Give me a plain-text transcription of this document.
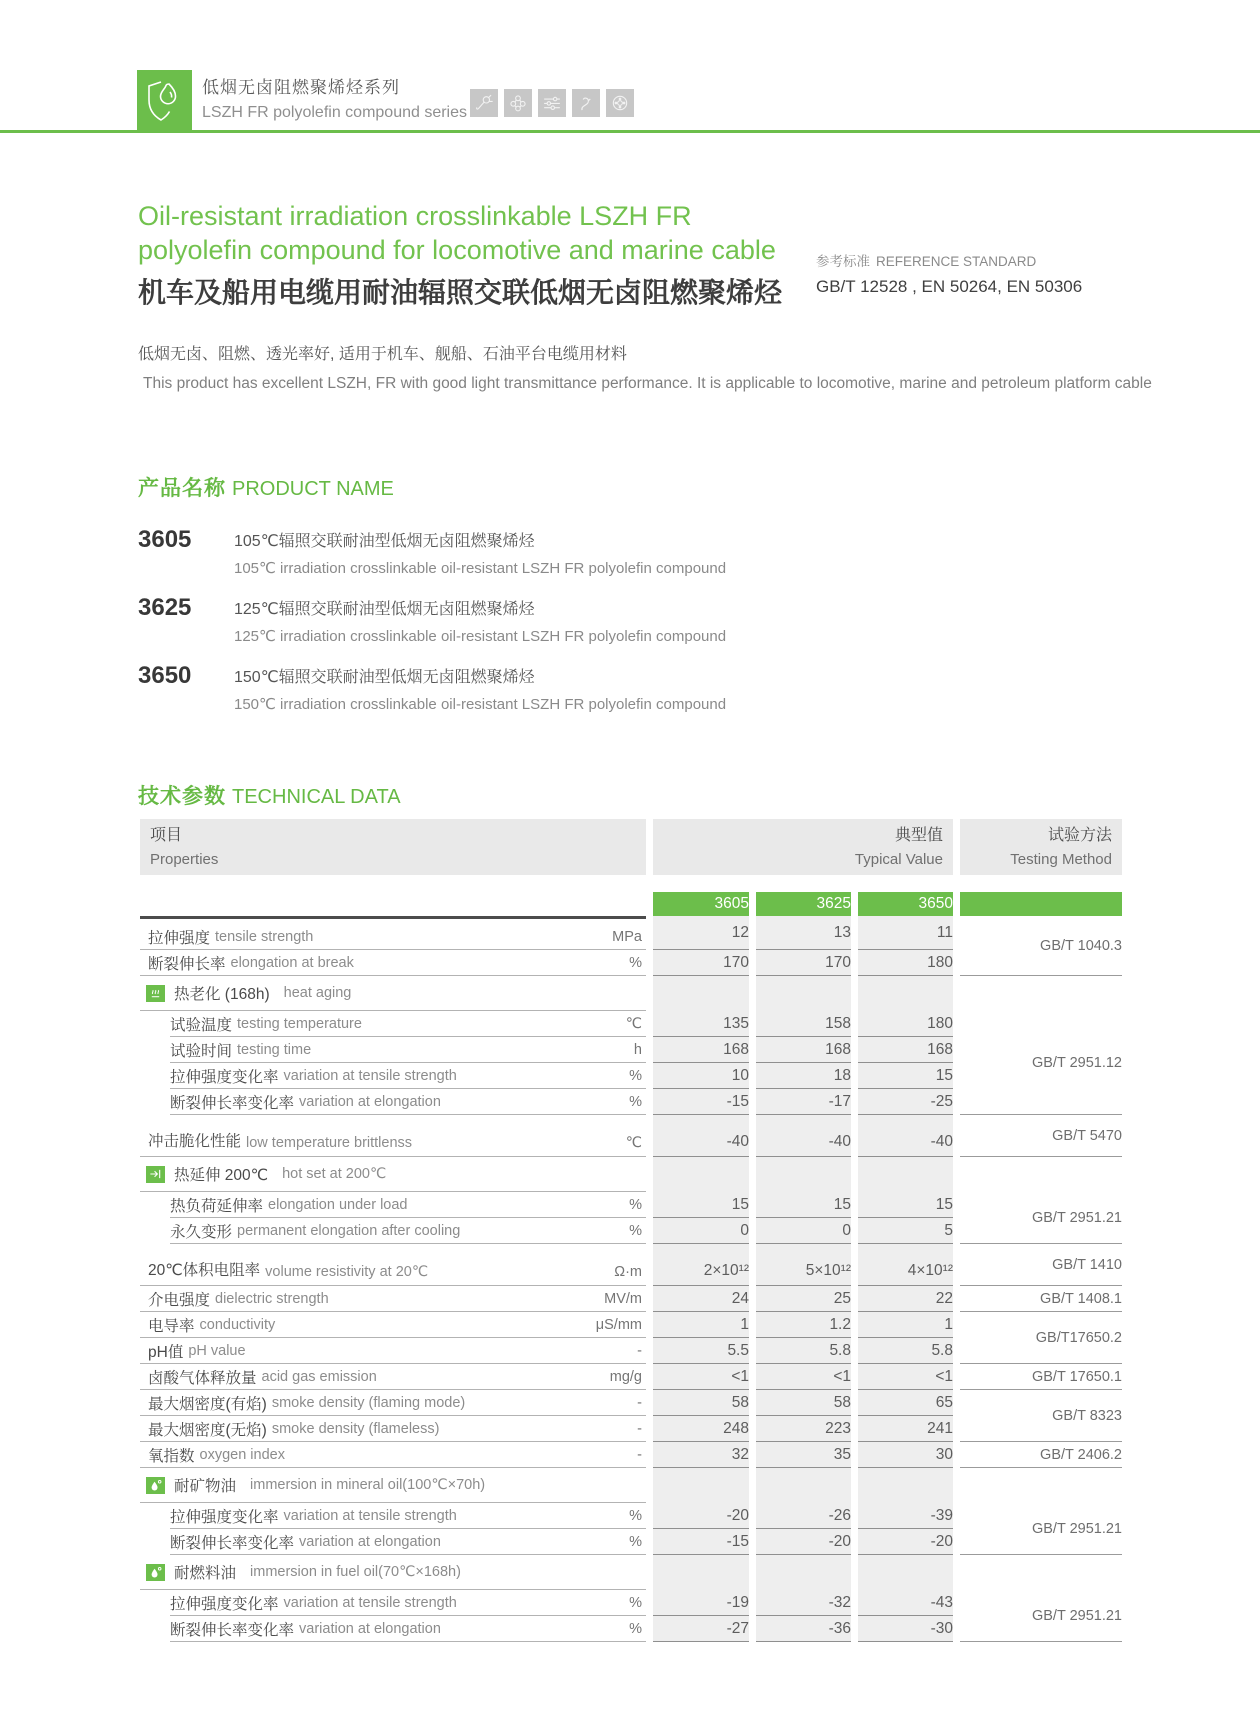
低烟无卤阻燃聚烯烃系列
LSZH FR polyolefin compound series
Oil-resistant irradiation crosslinkable LSZH FR
polyolefin compound for locomotive and marine cable
机车及船用电缆用耐油辐照交联低烟无卤阻燃聚烯烃
参考标准 REFERENCE STANDARD
GB/T 12528 , EN 50264, EN 50306
低烟无卤、阻燃、透光率好, 适用于机车、舰船、石油平台电缆用材料
This product has excellent LSZH, FR with good light transmittance performance. It is applicable to locomotive, marine and petroleum platform cable
产品名称 PRODUCT NAME
3605	105℃辐照交联耐油型低烟无卤阻燃聚烯烃
105℃ irradiation crosslinkable oil-resistant LSZH FR polyolefin compound
3625	125℃辐照交联耐油型低烟无卤阻燃聚烯烃
125℃ irradiation crosslinkable oil-resistant LSZH FR polyolefin compound
3650	150℃辐照交联耐油型低烟无卤阻燃聚烯烃
150℃ irradiation crosslinkable oil-resistant LSZH FR polyolefin compound
技术参数 TECHNICAL DATA
项目
Properties

典型值
Typical Value

试验方法
Testing Method

	3605	3625	3650	

拉伸强度 tensile strength MPa	12	13	11	GB/T 1040.3

断裂伸长率 elongation at break %	170	170	180	

热老化 (168h) heat aging				

试验温度 testing temperature ℃	135	158	180	GB/T 2951.12

试验时间 testing time h	168	168	168	

拉伸强度变化率 variation at tensile strength %	10	18	15	

断裂伸长率变化率 variation at elongation %	-15	-17	-25	

冲击脆化性能 low temperature brittlenss ℃	-40	-40	-40	GB/T 5470

热延伸 200℃ hot set at 200℃				

热负荷延伸率 elongation under load %	15	15	15	GB/T 2951.21

永久变形 permanent elongation after cooling %	0	0	5	

20℃体积电阻率 volume resistivity at 20℃ Ω·m	2×10¹²	5×10¹²	4×10¹²	GB/T 1410

介电强度 dielectric strength MV/m	24	25	22	GB/T 1408.1

电导率 conductivity μS/mm	1	1.2	1	GB/T17650.2

pH值 pH value -	5.5	5.8	5.8	

卤酸气体释放量 acid gas emission mg/g	<1	<1	<1	GB/T 17650.1

最大烟密度(有焰) smoke density (flaming mode) -	58	58	65	GB/T 8323

最大烟密度(无焰) smoke density (flameless) -	248	223	241	

氧指数 oxygen index -	32	35	30	GB/T 2406.2

耐矿物油 immersion in mineral oil(100℃×70h)				

拉伸强度变化率 variation at tensile strength %	-20	-26	-39	GB/T 2951.21

断裂伸长率变化率 variation at elongation %	-15	-20	-20	

耐燃料油 immersion in fuel oil(70℃×168h)				

拉伸强度变化率 variation at tensile strength %	-19	-32	-43	GB/T 2951.21

断裂伸长率变化率 variation at elongation %	-27	-36	-30	
